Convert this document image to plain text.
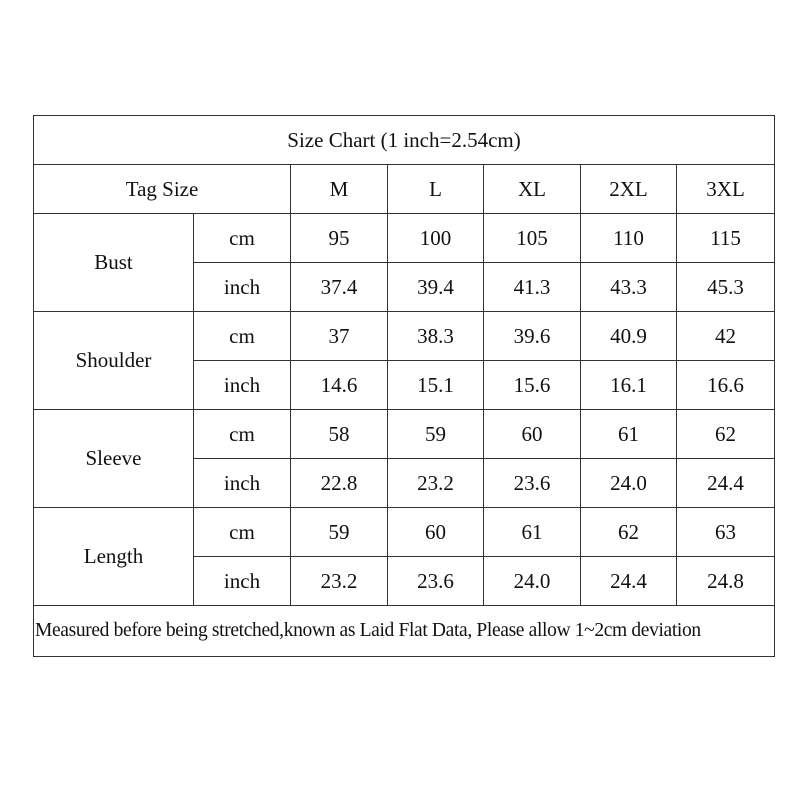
Size Chart (1 inch=2.54cm)						
Tag Size		M	L	XL	2XL	3XL
Bust	cm	95	100	105	110	115
	inch	37.4	39.4	41.3	43.3	45.3
Shoulder	cm	37	38.3	39.6	40.9	42
	inch	14.6	15.1	15.6	16.1	16.6
Sleeve	cm	58	59	60	61	62
	inch	22.8	23.2	23.6	24.0	24.4
Length	cm	59	60	61	62	63
	inch	23.2	23.6	24.0	24.4	24.8
Measured before being stretched,known as Laid Flat Data, Please allow 1~2cm deviation						
